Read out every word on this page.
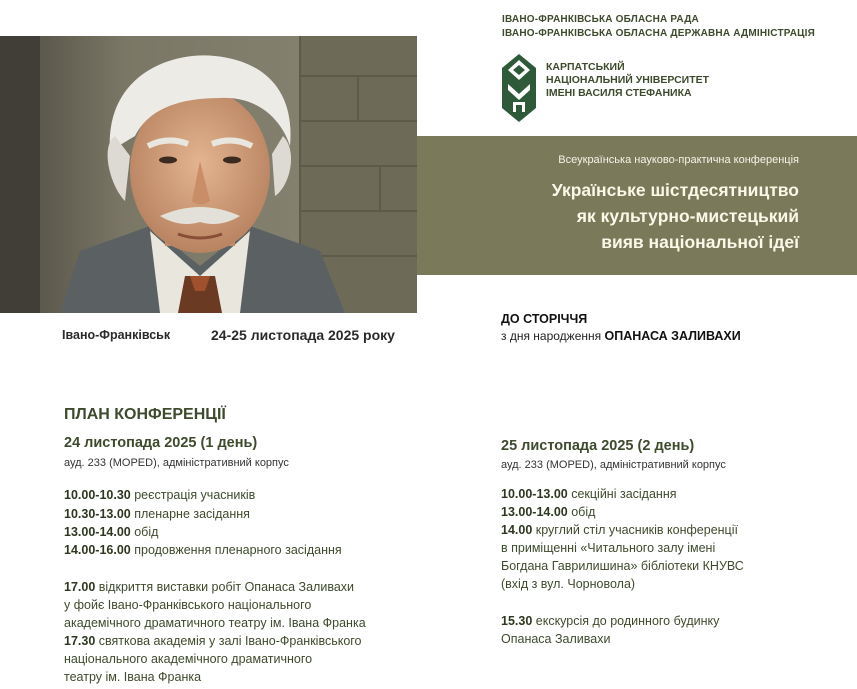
ІВАНО-ФРАНКІВСЬКА ОБЛАСНА РАДА
ІВАНО-ФРАНКІВСЬКА ОБЛАСНА ДЕРЖАВНА АДМІНІСТРАЦІЯ
КАРПАТСЬКИЙ
НАЦІОНАЛЬНИЙ УНІВЕРСИТЕТ
ІМЕНІ ВАСИЛЯ СТЕФАНИКА
Всеукраїнська науково-практична конференція
Українське шістдесятництво
як культурно-мистецький
вияв національної ідеї
Івано-Франківськ	24-25 листопада 2025 року
ДО СТОРІЧЧЯ
з дня народження ОПАНАСА ЗАЛИВАХИ
ПЛАН КОНФЕРЕНЦІЇ
24 листопада 2025 (1 день)
ауд. 233 (МОРЕD), адміністративний корпус
10.00-10.30 реєстрація учасників
10.30-13.00 пленарне засідання
13.00-14.00 обід
14.00-16.00 продовження пленарного засідання
17.00 відкриття виставки робіт Опанаса Заливахи
у фойє Івано-Франківського національного
академічного драматичного театру ім. Івана Франка
17.30 святкова академія у залі Івано-Франківського
національного академічного драматичного
театру ім. Івана Франка
25 листопада 2025 (2 день)
ауд. 233 (МОРЕD), адміністративний корпус
10.00-13.00 секційні засідання
13.00-14.00 обід
14.00 круглий стіл учасників конференції
в приміщенні «Читального залу імені
Богдана Гаврилишина» бібліотеки КНУВС
(вхід з вул. Чорновола)
15.30 екскурсія до родинного будинку
Опанаса Заливахи
